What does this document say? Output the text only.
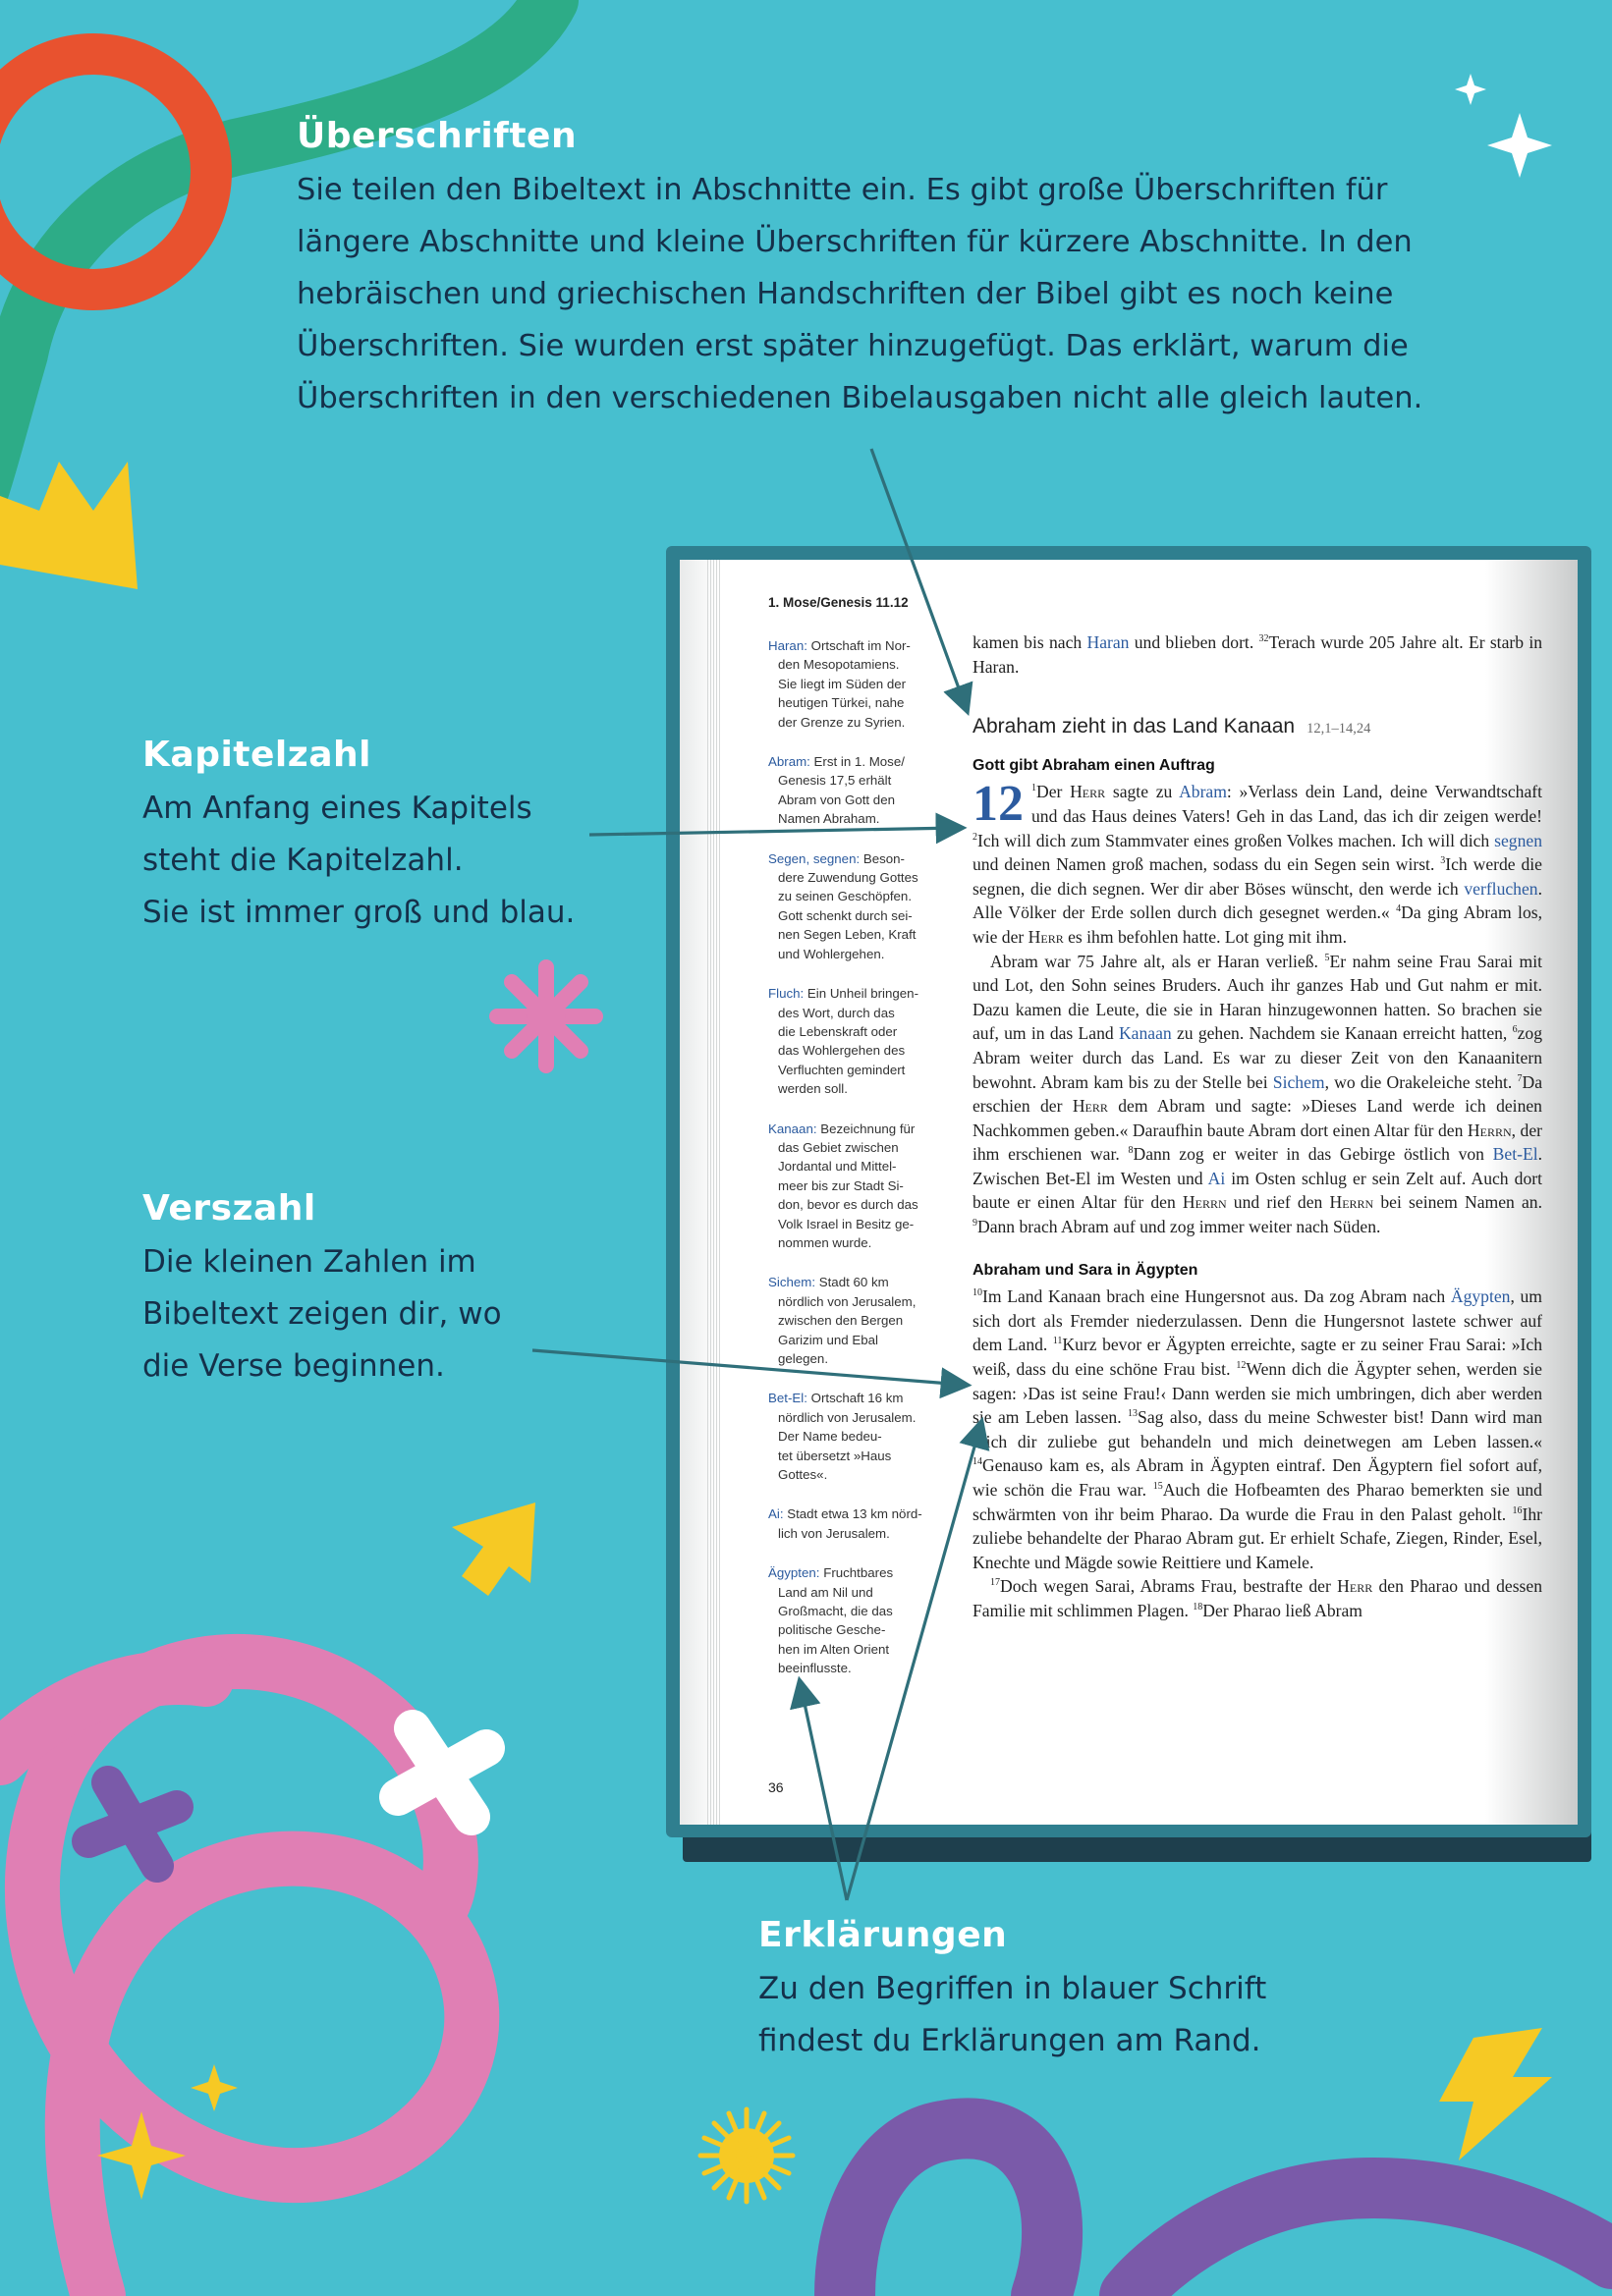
Überschriften

Sie teilen den Bibeltext in Abschnitte ein. Es gibt große Überschriften für
längere Abschnitte und kleine Überschriften für kürzere Abschnitte. In den
hebräischen und griechischen Handschriften der Bibel gibt es noch keine
Überschriften. Sie wurden erst später hinzugefügt. Das erklärt, warum die
Überschriften in den verschiedenen Bibelausgaben nicht alle gleich lauten.

Kapitelzahl

Am Anfang eines Kapitels
steht die Kapitelzahl.
Sie ist immer groß und blau.

Verszahl

Die kleinen Zahlen im
Bibeltext zeigen dir, wo
die Verse beginnen.

Erklärungen

Zu den Begriffen in blauer Schrift
findest du Erklärungen am Rand.

1. Mose/Genesis 11.12
Haran: Ortschaft im Nor-
den Mesopotamiens.
Sie liegt im Süden der
heutigen Türkei, nahe
der Grenze zu Syrien.
Abram: Erst in 1. Mose/
Genesis 17,5 erhält
Abram von Gott den
Namen Abraham.
Segen, segnen: Beson-
dere Zuwendung Gottes
zu seinen Geschöpfen.
Gott schenkt durch sei-
nen Segen Leben, Kraft
und Wohlergehen.
Fluch: Ein Unheil bringen-
des Wort, durch das
die Lebenskraft oder
das Wohlergehen des
Verfluchten gemindert
werden soll.
Kanaan: Bezeichnung für
das Gebiet zwischen
Jordantal und Mittel-
meer bis zur Stadt Si-
don, bevor es durch das
Volk Israel in Besitz ge-
nommen wurde.
Sichem: Stadt 60 km
nördlich von Jerusalem,
zwischen den Bergen
Garizim und Ebal
gelegen.
Bet-El: Ortschaft 16 km
nördlich von Jerusalem.
Der Name bedeu-
tet übersetzt »Haus
Gottes«.
Ai: Stadt etwa 13 km nörd-
lich von Jerusalem.
Ägypten: Fruchtbares
Land am Nil und
Großmacht, die das
politische Gesche-
hen im Alten Orient
beeinflusste.

kamen bis nach Haran und blieben dort. $^{32}$Terach wurde 205 Jahre alt. Er starb in Haran.

Abraham zieht in das Land Kanaan 12,1–14,24
Gott gibt Abraham einen Auftrag

12 $^1$Der Herr sagte zu Abram: »Verlass dein Land, deine Verwandtschaft und das Haus deines Vaters! Geh in das Land, das ich dir zeigen werde! $^2$Ich will dich zum Stammvater eines großen Volkes machen. Ich will dich segnen und deinen Namen groß machen, sodass du ein Segen sein wirst. $^3$Ich werde die segnen, die dich segnen. Wer dir aber Böses wünscht, den werde ich verfluchen. Alle Völker der Erde sollen durch dich gesegnet werden.« $^4$Da ging Abram los, wie der Herr es ihm befohlen hatte. Lot ging mit ihm.

Abram war 75 Jahre alt, als er Haran verließ. $^5$Er nahm seine Frau Sarai mit und Lot, den Sohn seines Bruders. Auch ihr ganzes Hab und Gut nahm er mit. Dazu kamen die Leute, die sie in Haran hinzugewonnen hatten. So brachen sie auf, um in das Land Kanaan zu gehen. Nachdem sie Kanaan erreicht hatten, $^6$zog Abram weiter durch das Land. Es war zu dieser Zeit von den Kanaanitern bewohnt. Abram kam bis zu der Stelle bei Sichem, wo die Orakeleiche steht. $^7$Da erschien der Herr dem Abram und sagte: »Dieses Land werde ich deinen Nachkommen geben.« Daraufhin baute Abram dort einen Altar für den Herrn, der ihm erschienen war. $^8$Dann zog er weiter in das Gebirge östlich von Bet-El. Zwischen Bet-El im Westen und Ai im Osten schlug er sein Zelt auf. Auch dort baute er einen Altar für den Herrn und rief den Herrn bei seinem Namen an. $^9$Dann brach Abram auf und zog immer weiter nach Süden.

Abraham und Sara in Ägypten

$^{10}$Im Land Kanaan brach eine Hungersnot aus. Da zog Abram nach Ägypten, um sich dort als Fremder niederzulassen. Denn die Hungersnot lastete schwer auf dem Land. $^{11}$Kurz bevor er Ägypten erreichte, sagte er zu seiner Frau Sarai: »Ich weiß, dass du eine schöne Frau bist. $^{12}$Wenn dich die Ägypter sehen, werden sie sagen: ›Das ist seine Frau!‹ Dann werden sie mich umbringen, dich aber werden sie am Leben lassen. $^{13}$Sag also, dass du meine Schwester bist! Dann wird man mich dir zuliebe gut behandeln und mich deinetwegen am Leben lassen.« $^{14}$Genauso kam es, als Abram in Ägypten eintraf. Den Ägyptern fiel sofort auf, wie schön die Frau war. $^{15}$Auch die Hofbeamten des Pharao bemerkten sie und schwärmten von ihr beim Pharao. Da wurde die Frau in den Palast geholt. $^{16}$Ihr zuliebe behandelte der Pharao Abram gut. Er erhielt Schafe, Ziegen, Rinder, Esel, Knechte und Mägde sowie Reittiere und Kamele.

$^{17}$Doch wegen Sarai, Abrams Frau, bestrafte der Herr den Pharao und dessen Familie mit schlimmen Plagen. $^{18}$Der Pharao ließ Abram

36
